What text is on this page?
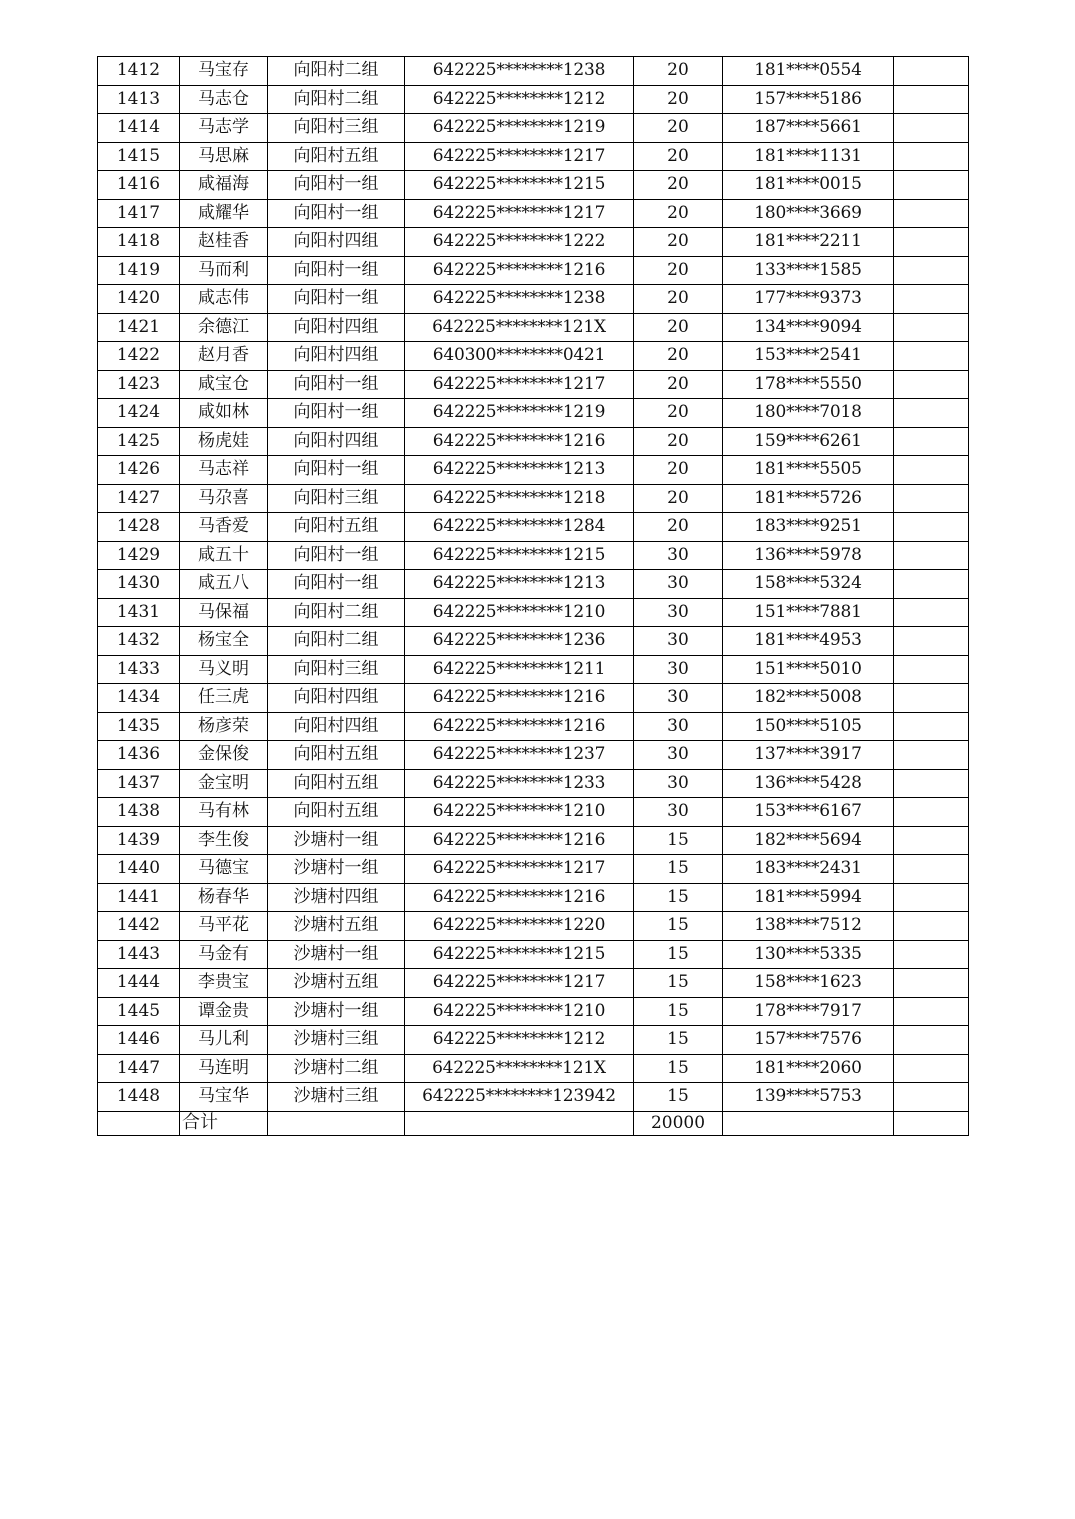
1412	马宝存	向阳村二组	642225********1238	20	181****0554	
1413	马志仓	向阳村二组	642225********1212	20	157****5186	
1414	马志学	向阳村三组	642225********1219	20	187****5661	
1415	马思麻	向阳村五组	642225********1217	20	181****1131	
1416	咸福海	向阳村一组	642225********1215	20	181****0015	
1417	咸耀华	向阳村一组	642225********1217	20	180****3669	
1418	赵桂香	向阳村四组	642225********1222	20	181****2211	
1419	马而利	向阳村一组	642225********1216	20	133****1585	
1420	咸志伟	向阳村一组	642225********1238	20	177****9373	
1421	余德江	向阳村四组	642225********121X	20	134****9094	
1422	赵月香	向阳村四组	640300********0421	20	153****2541	
1423	咸宝仓	向阳村一组	642225********1217	20	178****5550	
1424	咸如林	向阳村一组	642225********1219	20	180****7018	
1425	杨虎娃	向阳村四组	642225********1216	20	159****6261	
1426	马志祥	向阳村一组	642225********1213	20	181****5505	
1427	马尕喜	向阳村三组	642225********1218	20	181****5726	
1428	马香爱	向阳村五组	642225********1284	20	183****9251	
1429	咸五十	向阳村一组	642225********1215	30	136****5978	
1430	咸五八	向阳村一组	642225********1213	30	158****5324	
1431	马保福	向阳村二组	642225********1210	30	151****7881	
1432	杨宝全	向阳村二组	642225********1236	30	181****4953	
1433	马义明	向阳村三组	642225********1211	30	151****5010	
1434	任三虎	向阳村四组	642225********1216	30	182****5008	
1435	杨彦荣	向阳村四组	642225********1216	30	150****5105	
1436	金保俊	向阳村五组	642225********1237	30	137****3917	
1437	金宝明	向阳村五组	642225********1233	30	136****5428	
1438	马有林	向阳村五组	642225********1210	30	153****6167	
1439	李生俊	沙塘村一组	642225********1216	15	182****5694	
1440	马德宝	沙塘村一组	642225********1217	15	183****2431	
1441	杨春华	沙塘村四组	642225********1216	15	181****5994	
1442	马平花	沙塘村五组	642225********1220	15	138****7512	
1443	马金有	沙塘村一组	642225********1215	15	130****5335	
1444	李贵宝	沙塘村五组	642225********1217	15	158****1623	
1445	谭金贵	沙塘村一组	642225********1210	15	178****7917	
1446	马儿利	沙塘村三组	642225********1212	15	157****7576	
1447	马连明	沙塘村二组	642225********121X	15	181****2060	
1448	马宝华	沙塘村三组	642225********123942	15	139****5753	
	合计			20000		
